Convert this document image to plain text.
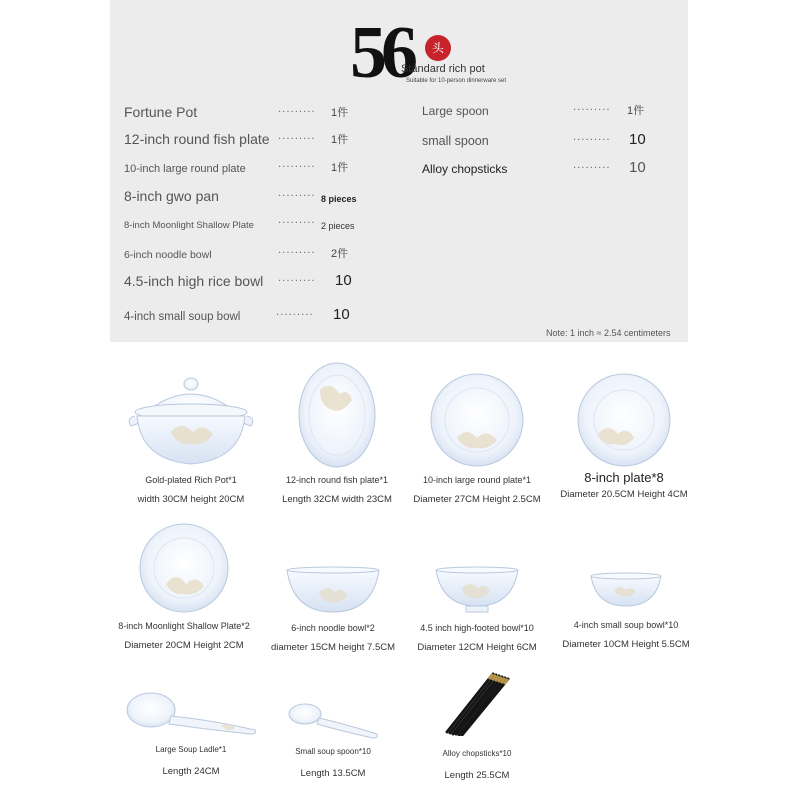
56	头
Standard rich pot
Suitable for 10-person dinnerware set
Fortune Pot	········· 1件
12-inch round fish plate ········· 1件
10-inch large round plate	········· 1件
8-inch gwo pan	········· 8 pieces
8-inch Moonlight Shallow Plate ········· 2 pieces
6-inch noodle bowl	········· 2件
4.5-inch high rice bowl ········· 10
4-inch small soup bowl	········· 10
Large spoon	········· 1件
small spoon	········· 10
Alloy chopsticks	········· 10
Note: 1 inch ≈ 2.54 centimeters
Gold-plated Rich Pot*1
width 30CM height 20CM
12-inch round fish plate*1
Length 32CM width 23CM
10-inch large round plate*1
Diameter 27CM Height 2.5CM
8-inch plate*8
Diameter 20.5CM Height 4CM
8-inch Moonlight Shallow Plate*2
Diameter 20CM Height 2CM
6-inch noodle bowl*2
diameter 15CM height 7.5CM
4.5 inch high-footed bowl*10
Diameter 12CM Height 6CM
4-inch small soup bowl*10
Diameter 10CM Height 5.5CM
Large Soup Ladle*1
Length 24CM
Small soup spoon*10
Length 13.5CM
Alloy chopsticks*10
Length 25.5CM
